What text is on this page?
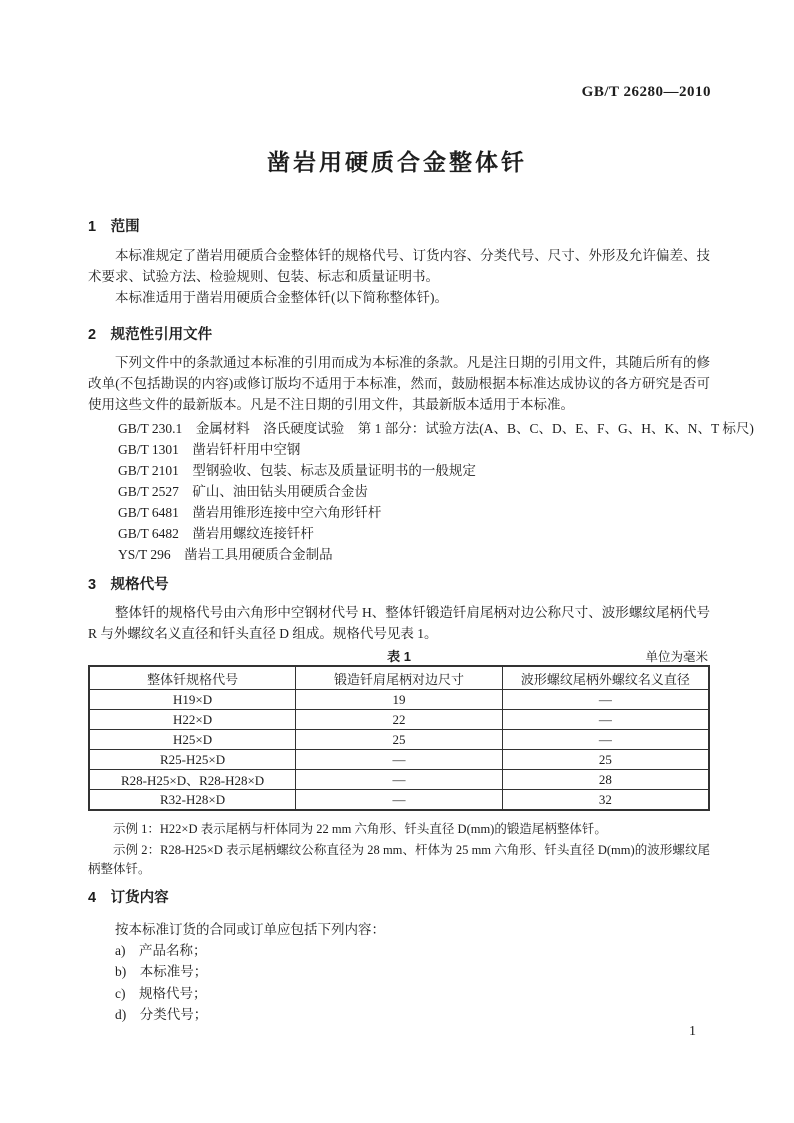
GB/T 26280—2010
凿岩用硬质合金整体钎
1　范围

本标准规定了凿岩用硬质合金整体钎的规格代号、订货内容、分类代号、尺寸、外形及允许偏差、技术要求、试验方法、检验规则、包装、标志和质量证明书。

本标准适用于凿岩用硬质合金整体钎(以下简称整体钎)。

2　规范性引用文件

下列文件中的条款通过本标准的引用而成为本标准的条款。凡是注日期的引用文件，其随后所有的修改单(不包括勘误的内容)或修订版均不适用于本标准，然而，鼓励根据本标准达成协议的各方研究是否可使用这些文件的最新版本。凡是不注日期的引用文件，其最新版本适用于本标准。

GB/T 230.1　金属材料　洛氏硬度试验　第 1 部分：试验方法(A、B、C、D、E、F、G、H、K、N、T 标尺)
GB/T 1301　凿岩钎杆用中空钢
GB/T 2101　型钢验收、包装、标志及质量证明书的一般规定
GB/T 2527　矿山、油田钻头用硬质合金齿
GB/T 6481　凿岩用锥形连接中空六角形钎杆
GB/T 6482　凿岩用螺纹连接钎杆
YS/T 296　凿岩工具用硬质合金制品
3　规格代号

整体钎的规格代号由六角形中空钢材代号 H、整体钎锻造钎肩尾柄对边公称尺寸、波形螺纹尾柄代号 R 与外螺纹名义直径和钎头直径 D 组成。规格代号见表 1。

表 1	单位为毫米
整体钎规格代号	锻造钎肩尾柄对边尺寸	波形螺纹尾柄外螺纹名义直径
H19×D	19	—
H22×D	22	—
H25×D	25	—
R25-H25×D	—	25
R28-H25×D、R28-H28×D	—	28
R32-H28×D	—	32

示例 1：H22×D 表示尾柄与杆体同为 22 mm 六角形、钎头直径 D(mm)的锻造尾柄整体钎。

示例 2：R28-H25×D 表示尾柄螺纹公称直径为 28 mm、杆体为 25 mm 六角形、钎头直径 D(mm)的波形螺纹尾柄整体钎。

4　订货内容

按本标准订货的合同或订单应包括下列内容：

a)　产品名称；
b)　本标准号；
c)　规格代号；
d)　分类代号；
1
